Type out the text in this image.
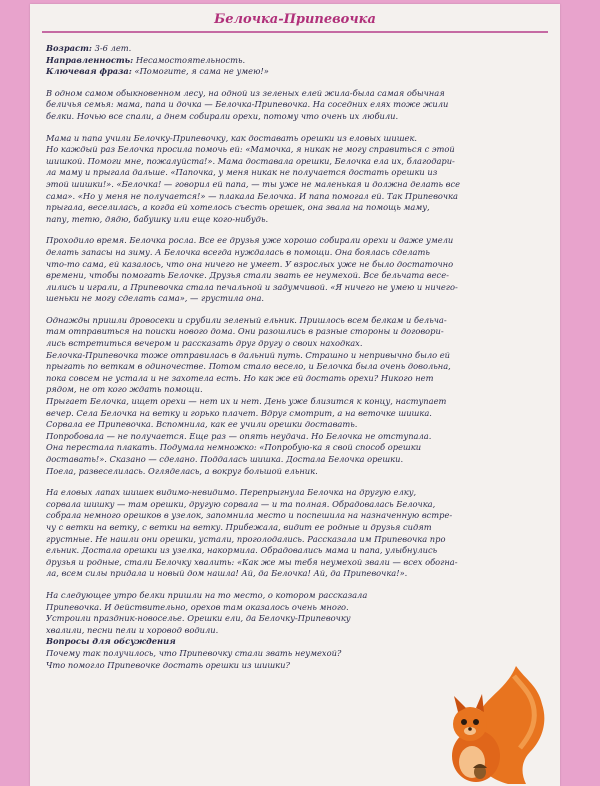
Белочка-Припевочка

Возраст: 3-6 лет.

Направленность: Несамостоятельность.

Ключевая фраза: «Помогите, я сама не умею!»

В одном самом обыкновенном лесу, на одной из зеленых елей жила-была самая обычная
беличья семья: мама, папа и дочка — Белочка-Припевочка. На соседних елях тоже жили
белки. Ночью все спали, а днем собирали орехи, потому что очень их любили.

Мама и папа учили Белочку-Припевочку, как доставать орешки из еловых шишек.
Но каждый раз Белочка просила помочь ей: «Мамочка, я никак не могу справиться с этой
шишкой. Помоги мне, пожалуйста!». Мама доставала орешки, Белочка ела их, благодари-
ла маму и прыгала дальше. «Папочка, у меня никак не получается достать орешки из
этой шишки!». «Белочка! — говорил ей папа, — ты уже не маленькая и должна делать все
сама». «Но у меня не получается!» — плакала Белочка. И папа помогал ей. Так Припевочка
прыгала, веселилась, а когда ей хотелось съесть орешек, она звала на помощь маму,
папу, тетю, дядю, бабушку или еще кого-нибудь.

Проходило время. Белочка росла. Все ее друзья уже хорошо собирали орехи и даже умели
делать запасы на зиму. А Белочка всегда нуждалась в помощи. Она боялась сделать
что-то сама, ей казалось, что она ничего не умеет. У взрослых уже не было достаточно
времени, чтобы помогать Белочке. Друзья стали звать ее неумехой. Все бельчата весе-
лились и играли, а Припевочка стала печальной и задумчивой. «Я ничего не умею и ничего-
шеньки не могу сделать сама», — грустила она.

Однажды пришли дровосеки и срубили зеленый ельник. Пришлось всем белкам и бельча-
там отправиться на поиски нового дома. Они разошлись в разные стороны и договори-
лись встретиться вечером и рассказать друг другу о своих находках.

Белочка-Припевочка тоже отправилась в дальний путь. Страшно и непривычно было ей
прыгать по веткам в одиночестве. Потом стало весело, и Белочка была очень довольна,
пока совсем не устала и не захотела есть. Но как же ей достать орехи? Никого нет
рядом, не от кого ждать помощи.

Прыгает Белочка, ищет орехи — нет их и нет. День уже близится к концу, наступает
вечер. Села Белочка на ветку и горько плачет. Вдруг смотрит, а на веточке шишка.
Сорвала ее Припевочка. Вспомнила, как ее учили орешки доставать.

Попробовала — не получается. Еще раз — опять неудача. Но Белочка не отступала.
Она перестала плакать. Подумала немножко: «Попробую-ка я свой способ орешки
доставать!». Сказано — сделано. Поддалась шишка. Достала Белочка орешки.
Поела, развеселилась. Огляделась, а вокруг большой ельник.

На еловых лапах шишек видимо-невидимо. Перепрыгнула Белочка на другую елку,
сорвала шишку — там орешки, другую сорвала — и та полная. Обрадовалась Белочка,
собрала немного орешков в узелок, запомнила место и поспешила на назначенную встре-
чу с ветки на ветку, с ветки на ветку. Прибежала, видит ее родные и друзья сидят
грустные. Не нашли они орешки, устали, проголодались. Рассказала им Припевочка про
ельник. Достала орешки из узелка, накормила. Обрадовались мама и папа, улыбнулись
друзья и родные, стали Белочку хвалить: «Как же мы тебя неумехой звали — всех обогна-
ла, всем силы придала и новый дом нашла! Ай, да Белочка! Ай, да Припевочка!».

На следующее утро белки пришли на то место, о котором рассказала
Припевочка. И действительно, орехов там оказалось очень много.
Устроили праздник-новоселье. Орешки ели, да Белочку-Припевочку
хвалили, песни пели и хоровод водили.

Вопросы для обсуждения
Почему так получилось, что Припевочку стали звать неумехой?
Что помогло Припевочке достать орешки из шишки?
